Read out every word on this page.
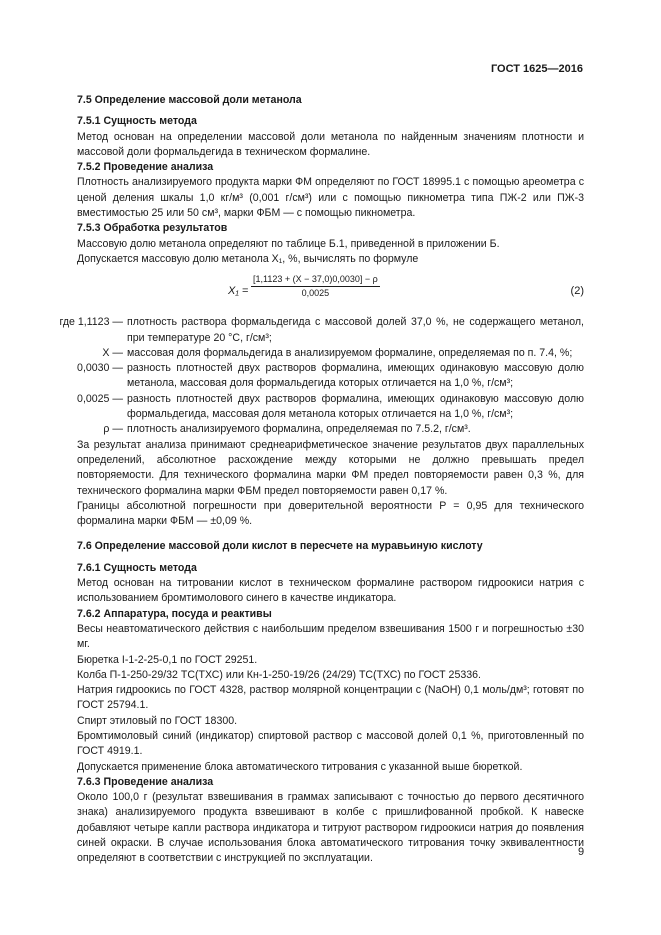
ГОСТ 1625—2016

7.5 Определение массовой доли метанола

7.5.1 Сущность метода

Метод основан на определении массовой доли метанола по найденным значениям плотности и массовой доли формальдегида в техническом формалине.

7.5.2 Проведение анализа

Плотность анализируемого продукта марки ФМ определяют по ГОСТ 18995.1 с помощью ареометра с ценой деления шкалы 1,0 кг/м³ (0,001 г/см³) или с помощью пикнометра типа ПЖ-2 или ПЖ-3 вместимостью 25 или 50 см³, марки ФБМ — с помощью пикнометра.

7.5.3 Обработка результатов

Массовую долю метанола определяют по таблице Б.1, приведенной в приложении Б.

Допускается массовую долю метанола X₁, %, вычислять по формуле

$X_1 = \frac{[1,1123 + (X - 37,0)0,0030] - \rho}{0,0025}$	(2)
где 1,1123 — плотность раствора формальдегида с массовой долей 37,0 %, не содержащего метанол, при температуре 20 °С, г/см³;
X — массовая доля формальдегида в анализируемом формалине, определяемая по п. 7.4, %;
0,0030 — разность плотностей двух растворов формалина, имеющих одинаковую массовую долю метанола, массовая доля формальдегида которых отличается на 1,0 %, г/см³;
0,0025 — разность плотностей двух растворов формалина, имеющих одинаковую массовую долю формальдегида, массовая доля метанола которых отличается на 1,0 %, г/см³;
ρ — плотность анализируемого формалина, определяемая по 7.5.2, г/см³.

За результат анализа принимают среднеарифметическое значение результатов двух параллельных определений, абсолютное расхождение между которыми не должно превышать предел повторяемости. Для технического формалина марки ФМ предел повторяемости равен 0,3 %, для технического формалина марки ФБМ предел повторяемости равен 0,17 %.

Границы абсолютной погрешности при доверительной вероятности P = 0,95 для технического формалина марки ФБМ — ±0,09 %.

7.6 Определение массовой доли кислот в пересчете на муравьиную кислоту

7.6.1 Сущность метода

Метод основан на титровании кислот в техническом формалине раствором гидроокиси натрия с использованием бромтимолового синего в качестве индикатора.

7.6.2 Аппаратура, посуда и реактивы

Весы неавтоматического действия с наибольшим пределом взвешивания 1500 г и погрешностью ±30 мг.

Бюретка I-1-2-25-0,1 по ГОСТ 29251.

Колба П-1-250-29/32 ТС(ТХС) или Кн-1-250-19/26 (24/29) ТС(ТХС) по ГОСТ 25336.

Натрия гидроокись по ГОСТ 4328, раствор молярной концентрации c (NaOH) 0,1 моль/дм³; готовят по ГОСТ 25794.1.

Спирт этиловый по ГОСТ 18300.

Бромтимоловый синий (индикатор) спиртовой раствор с массовой долей 0,1 %, приготовленный по ГОСТ 4919.1.

Допускается применение блока автоматического титрования с указанной выше бюреткой.

7.6.3 Проведение анализа

Около 100,0 г (результат взвешивания в граммах записывают с точностью до первого десятичного знака) анализируемого продукта взвешивают в колбе с пришлифованной пробкой. К навеске добавляют четыре капли раствора индикатора и титруют раствором гидроокиси натрия до появления синей окраски. В случае использования блока автоматического титрования точку эквивалентности определяют в соответствии с инструкцией по эксплуатации.

9
